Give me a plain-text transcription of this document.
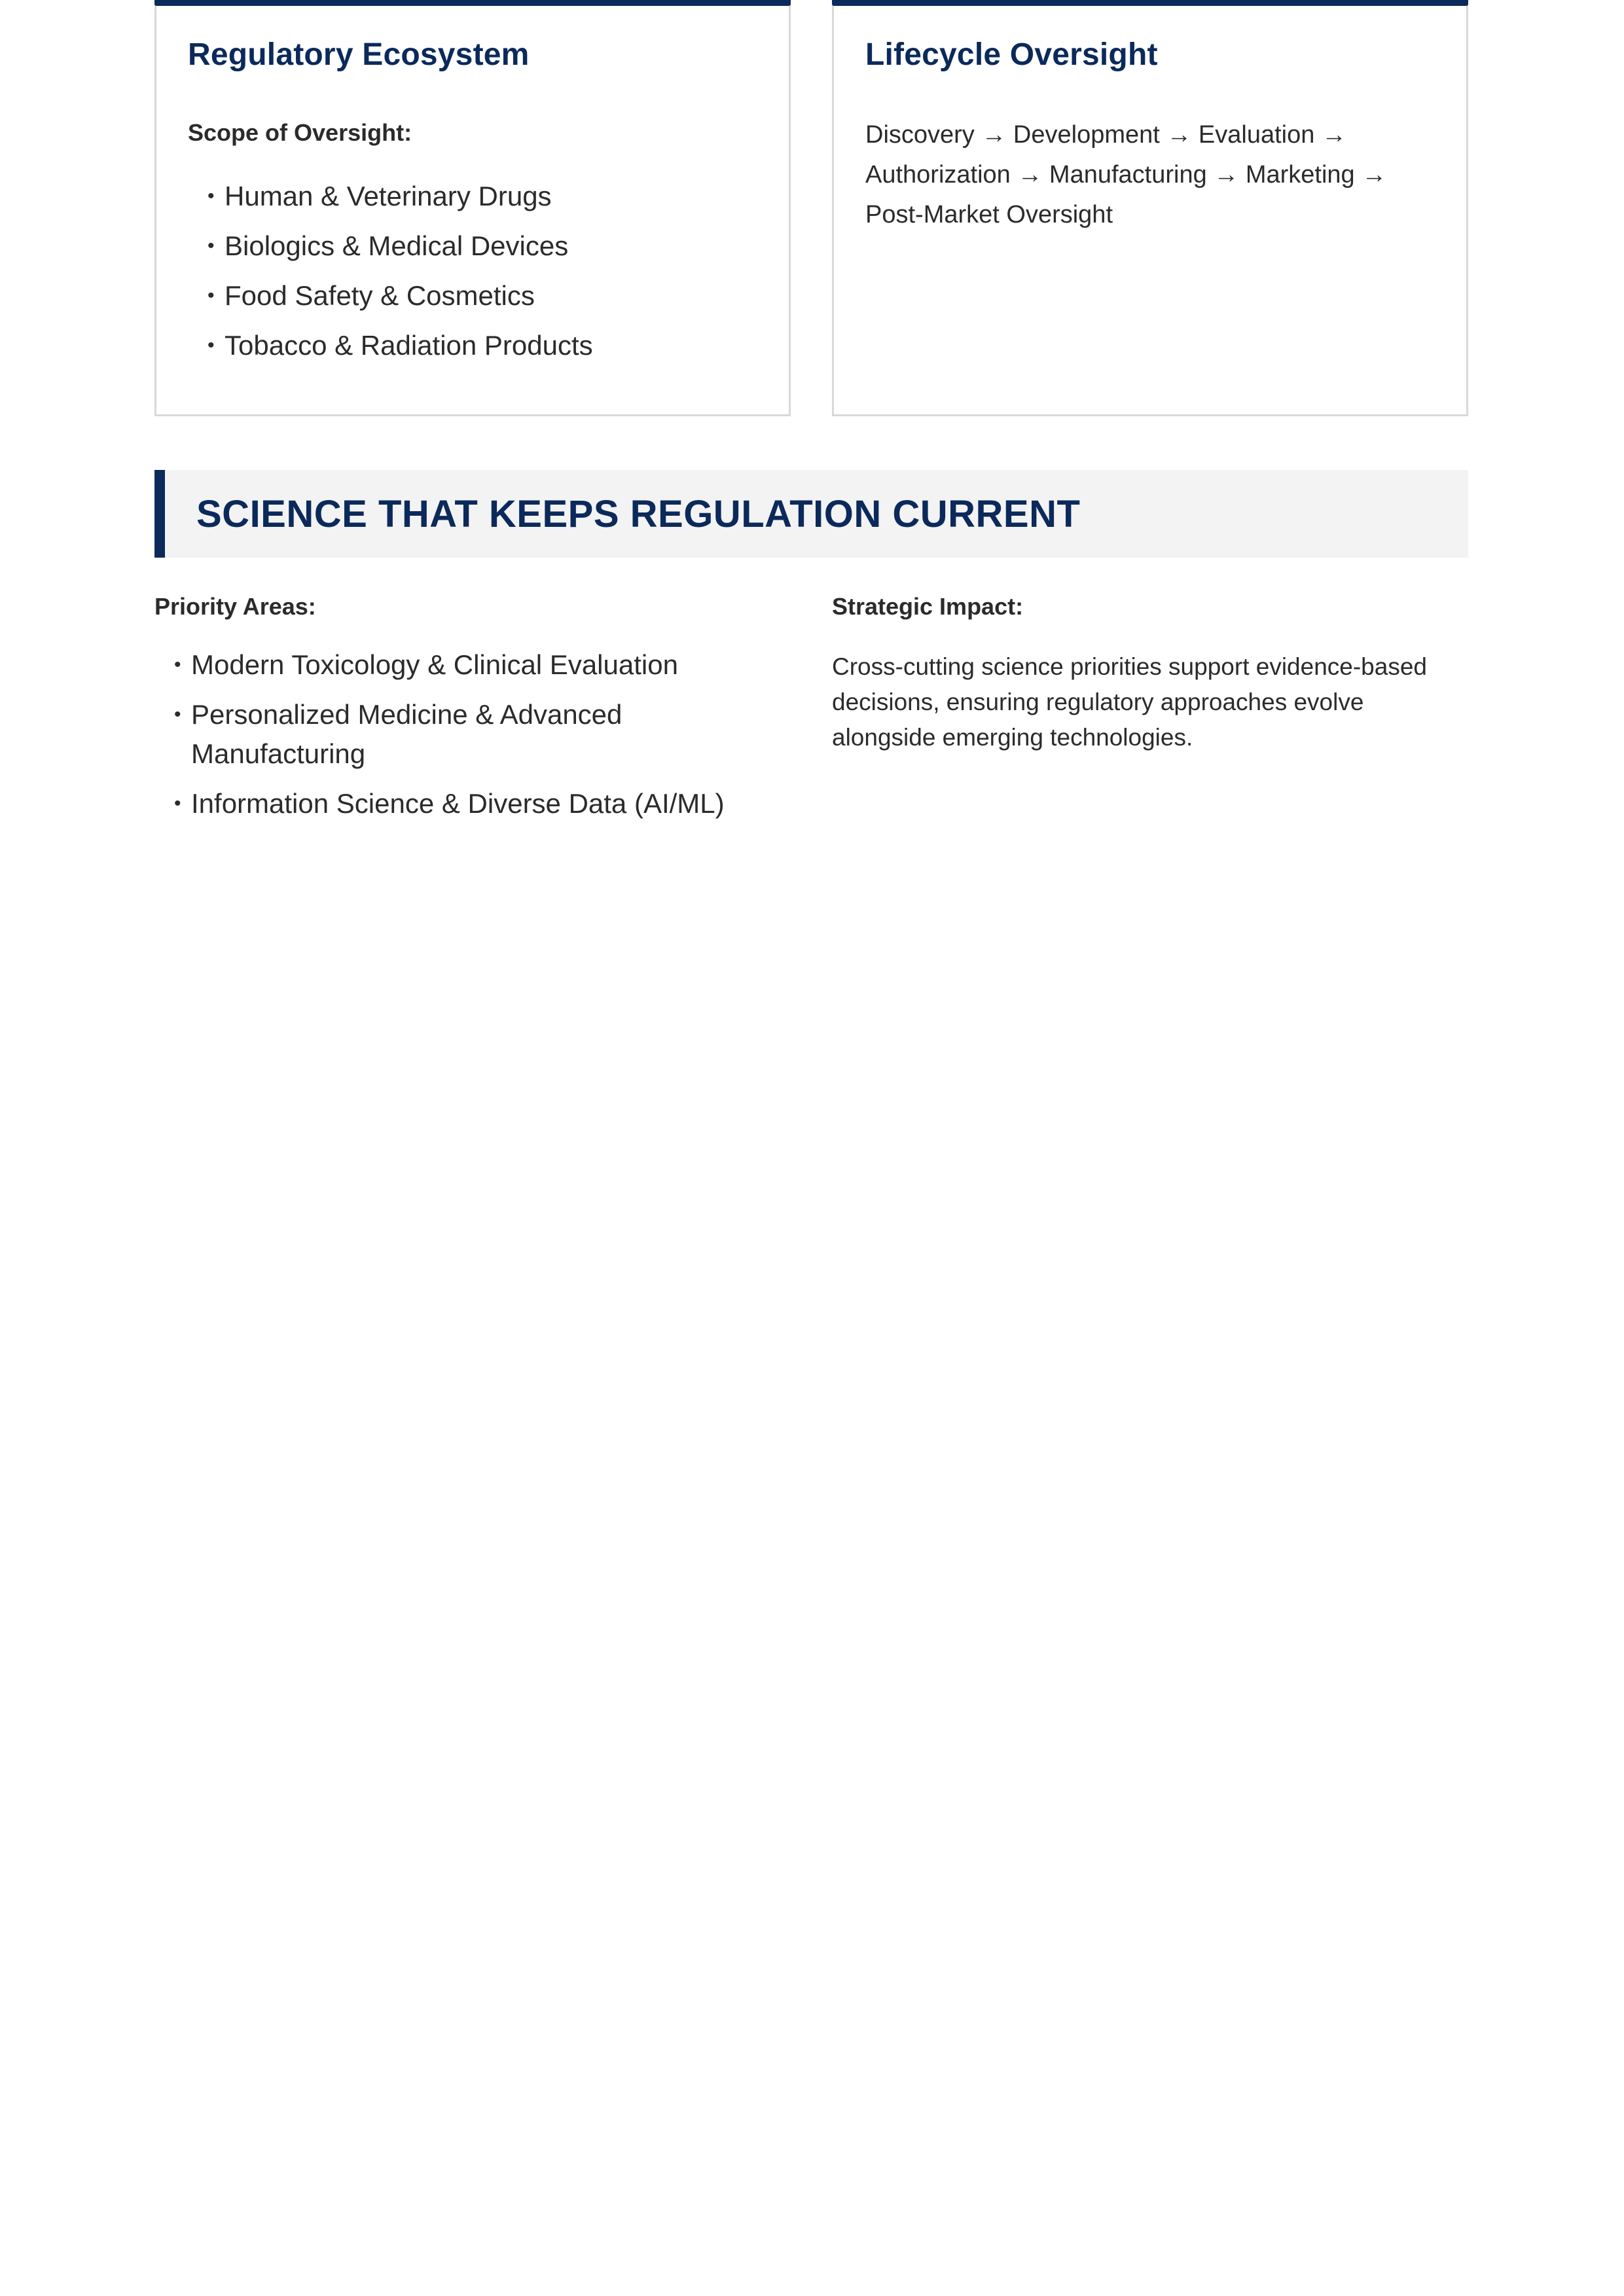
Regulatory Ecosystem

Scope of Oversight:

• Human & Veterinary Drugs
• Biologics & Medical Devices
• Food Safety & Cosmetics
• Tobacco & Radiation Products
Lifecycle Oversight

Discovery → Development → Evaluation → Authorization → Manufacturing → Marketing → Post-Market Oversight

SCIENCE THAT KEEPS REGULATION CURRENT

Priority Areas:

• Modern Toxicology & Clinical Evaluation
• Personalized Medicine & Advanced Manufacturing
• Information Science & Diverse Data (AI/ML)

Strategic Impact:

Cross-cutting science priorities support evidence-based decisions, ensuring regulatory approaches evolve alongside emerging technologies.
